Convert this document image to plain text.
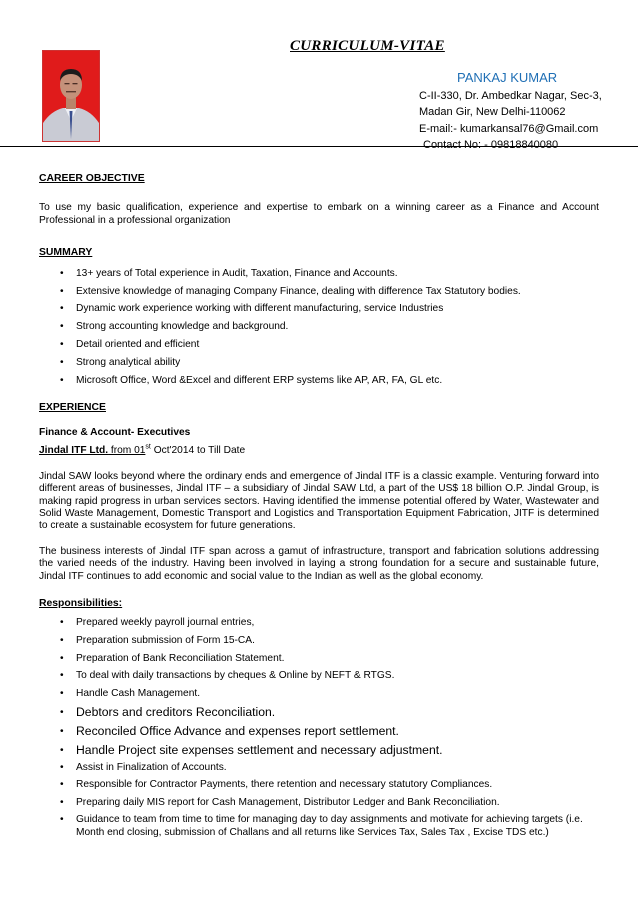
CURRICULUM-VITAE
PANKAJ KUMAR
C-II-330, Dr. Ambedkar Nagar, Sec-3,
Madan Gir, New Delhi-110062
E-mail:- kumarkansal76@Gmail.com
Contact No: - 09818840080
CAREER OBJECTIVE

To use my basic qualification, experience and expertise to embark on a winning career as a Finance and Account Professional in a professional organization

SUMMARY
• 13+ years of Total experience in Audit, Taxation, Finance and Accounts.
• Extensive knowledge of managing Company Finance, dealing with difference Tax Statutory bodies.
• Dynamic work experience working with different manufacturing, service Industries
• Strong accounting knowledge and background.
• Detail oriented and efficient
• Strong analytical ability
• Microsoft Office, Word &Excel and different ERP systems like AP, AR, FA, GL etc.
EXPERIENCE

Finance & Account- Executives

Jindal ITF Ltd. from 01st Oct'2014 to Till Date

Jindal SAW looks beyond where the ordinary ends and emergence of Jindal ITF is a classic example. Venturing forward into different areas of businesses, Jindal ITF – a subsidiary of Jindal SAW Ltd, a part of the US$ 18 billion O.P. Jindal Group, is making rapid progress in urban services sectors. Having identified the immense potential offered by Water, Wastewater and Solid Waste Management, Domestic Transport and Logistics and Transportation Equipment Fabrication, JITF is determined to create a sustainable ecosystem for future generations.

The business interests of Jindal ITF span across a gamut of infrastructure, transport and fabrication solutions addressing the varied needs of the industry. Having been involved in laying a strong foundation for a secure and sustainable future, Jindal ITF continues to add economic and social value to the Indian as well as the global economy.

Responsibilities:
• Prepared weekly payroll journal entries,
• Preparation submission of Form 15-CA.
• Preparation of Bank Reconciliation Statement.
• To deal with daily transactions by cheques & Online by NEFT & RTGS.
• Handle Cash Management.
• Debtors and creditors Reconciliation.
• Reconciled Office Advance and expenses report settlement.
• Handle Project site expenses settlement and necessary adjustment.
• Assist in Finalization of Accounts.
• Responsible for Contractor Payments, there retention and necessary statutory Compliances.
• Preparing daily MIS report for Cash Management, Distributor Ledger and Bank Reconciliation.
• Guidance to team from time to time for managing day to day assignments and motivate for achieving targets (i.e. Month end closing, submission of Challans and all returns like Services Tax, Sales Tax , Excise TDS etc.)
